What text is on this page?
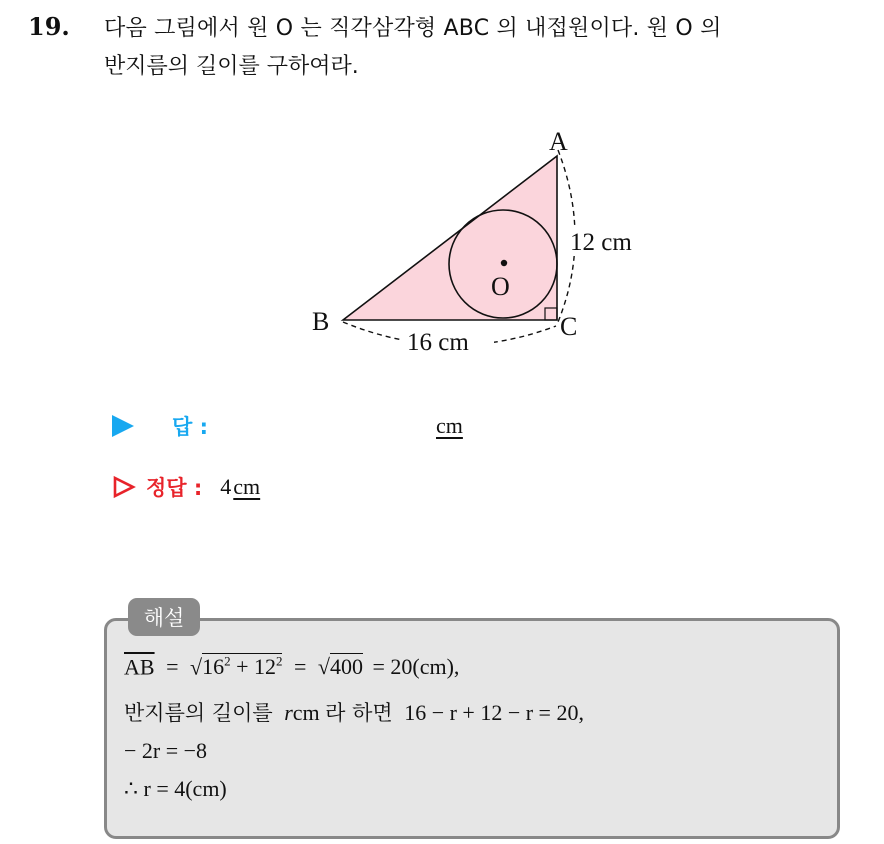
19. 다음 그림에서 원 O 는 직각삼각형 ABC 의 내접원이다. 원 O 의
반지름의 길이를 구하여라.
A
B	C
O
12 cm
16 cm
답 :	cm
정답 : 4 cm
해설
$\overline{AB} = √16^2 + 12^2 = √400 = 20(cm)$,
반지름의 길이를 rcm 라 하면 16 − r + 12 − r = 20,
− 2r = −8
∴ r = 4(cm)
